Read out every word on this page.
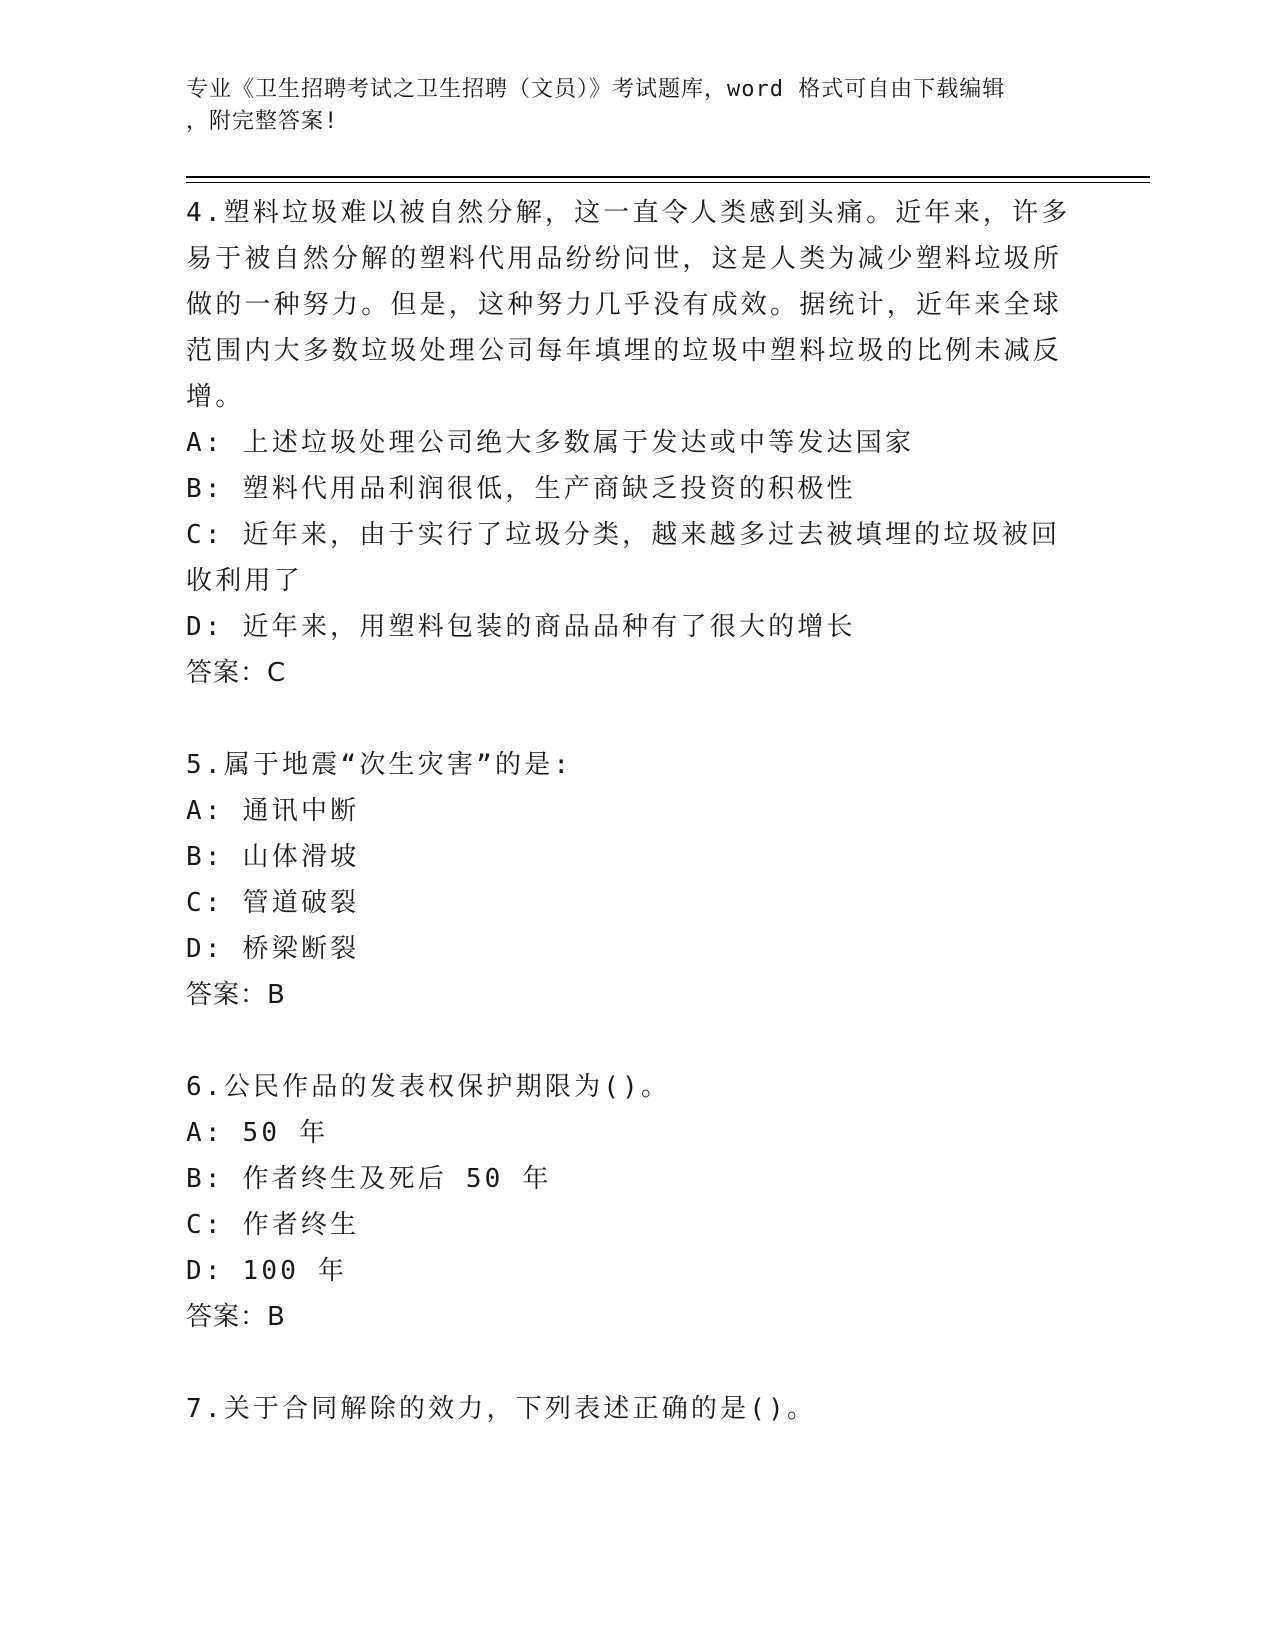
专业《卫生招聘考试之卫生招聘（文员）》考试题库，word 格式可自由下载编辑
，附完整答案!

4.塑料垃圾难以被自然分解，这一直令人类感到头痛。近年来，许多易于被自然分解的塑料代用品纷纷问世，这是人类为减少塑料垃圾所做的一种努力。但是，这种努力几乎没有成效。据统计，近年来全球范围内大多数垃圾处理公司每年填埋的垃圾中塑料垃圾的比例未减反增。

A: 上述垃圾处理公司绝大多数属于发达或中等发达国家

B: 塑料代用品利润很低，生产商缺乏投资的积极性

C: 近年来，由于实行了垃圾分类，越来越多过去被填埋的垃圾被回收利用了

D: 近年来，用塑料包装的商品品种有了很大的增长

答案：C

5.属于地震“次生灾害”的是:

A: 通讯中断

B: 山体滑坡

C: 管道破裂

D: 桥梁断裂

答案：B

6.公民作品的发表权保护期限为()。

A: 50 年

B: 作者终生及死后 50 年

C: 作者终生

D: 100 年

答案：B

7.关于合同解除的效力，下列表述正确的是()。
